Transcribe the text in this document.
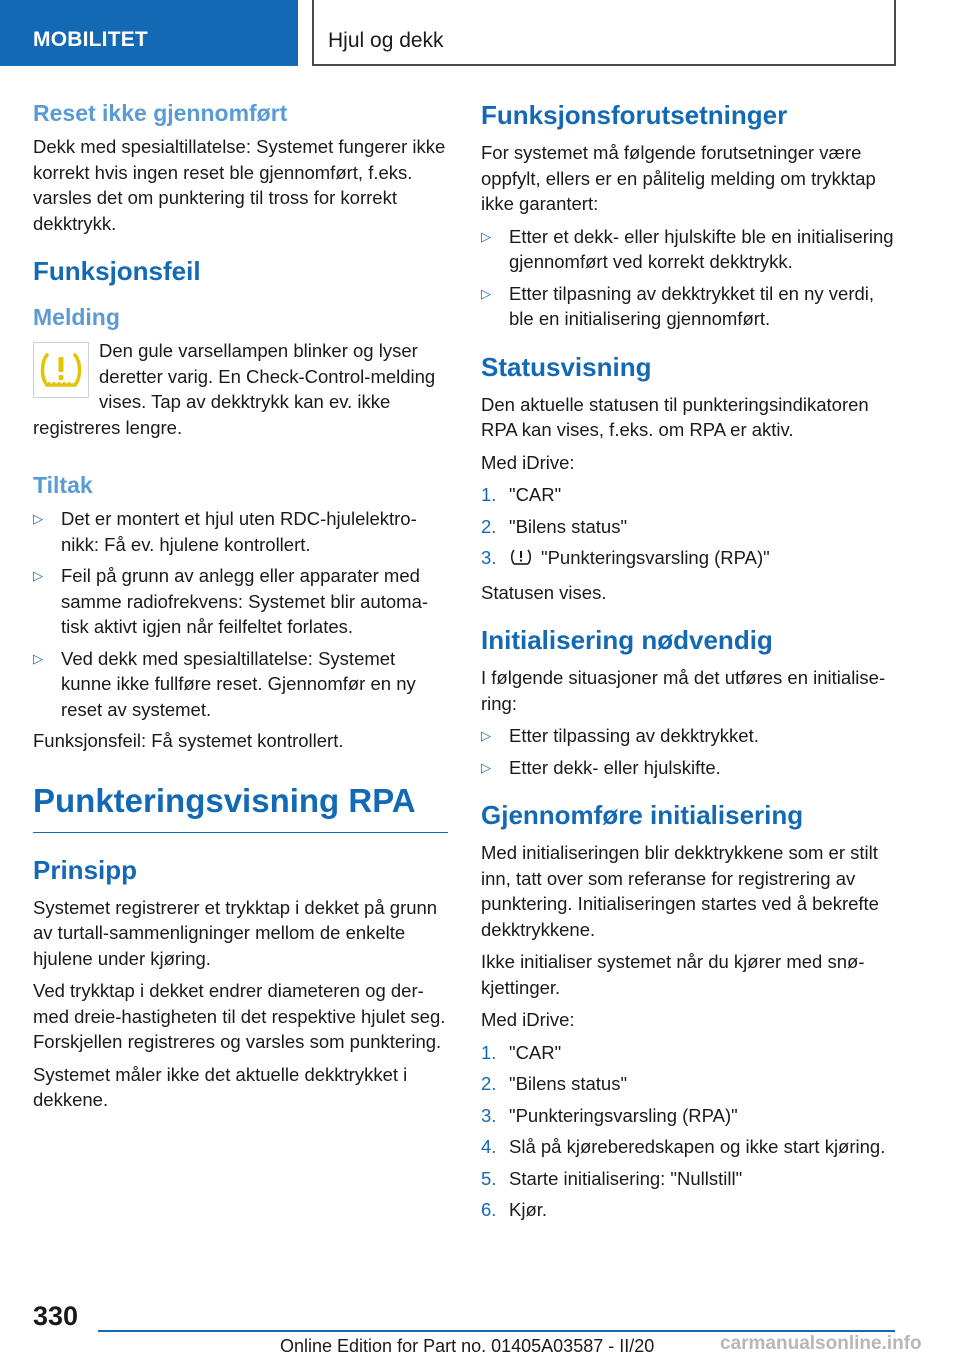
MOBILITET	Hjul og dekk
Reset ikke gjennomført

Dekk med spesialtillatelse: Systemet fungerer ikke korrekt hvis ingen reset ble gjennomført, f.eks. varsles det om punktering til tross for korrekt dekktrykk.

Funksjonsfeil
Melding

Den gule varsellampen blinker og lyser deretter varig. En Check-Control-melding vises. Tap av dekktrykk kan ev. ikke registreres lengre.

Tiltak
▷ Det er montert et hjul uten RDC-hjulelektronikk: Få ev. hjulene kontrollert.
▷ Feil på grunn av anlegg eller apparater med samme radiofrekvens: Systemet blir automatisk aktivt igjen når feilfeltet forlates.
▷ Ved dekk med spesialtillatelse: Systemet kunne ikke fullføre reset. Gjennomfør en ny reset av systemet.

Funksjonsfeil: Få systemet kontrollert.

Punkteringsvisning RPA
Prinsipp

Systemet registrerer et trykktap i dekket på grunn av turtall-sammenligninger mellom de enkelte hjulene under kjøring.

Ved trykktap i dekket endrer diameteren og dermed dreie-hastigheten til det respektive hjulet seg. Forskjellen registreres og varsles som punktering.

Systemet måler ikke det aktuelle dekktrykket i dekkene.

Funksjonsforutsetninger

For systemet må følgende forutsetninger være oppfylt, ellers er en pålitelig melding om trykktap ikke garantert:

▷ Etter et dekk- eller hjulskifte ble en initialisering gjennomført ved korrekt dekktrykk.
▷ Etter tilpasning av dekktrykket til en ny verdi, ble en initialisering gjennomført.
Statusvisning

Den aktuelle statusen til punkteringsindikatoren RPA kan vises, f.eks. om RPA er aktiv.

Med iDrive:

1. "CAR"
2. "Bilens status"
3. "Punkteringsvarsling (RPA)"

Statusen vises.

Initialisering nødvendig

I følgende situasjoner må det utføres en initialisering:

▷ Etter tilpassing av dekktrykket.
▷ Etter dekk- eller hjulskifte.
Gjennomføre initialisering

Med initialiseringen blir dekktrykkene som er stilt inn, tatt over som referanse for registrering av punktering. Initialiseringen startes ved å bekrefte dekktrykkene.

Ikke initialiser systemet når du kjører med snøkjettinger.

Med iDrive:

1. "CAR"
2. "Bilens status"
3. "Punkteringsvarsling (RPA)"
4. Slå på kjøreberedskapen og ikke start kjøring.
5. Starte initialisering: "Nullstill"
6. Kjør.
330
Online Edition for Part no. 01405A03587 - II/20	carmanualsonline.info
